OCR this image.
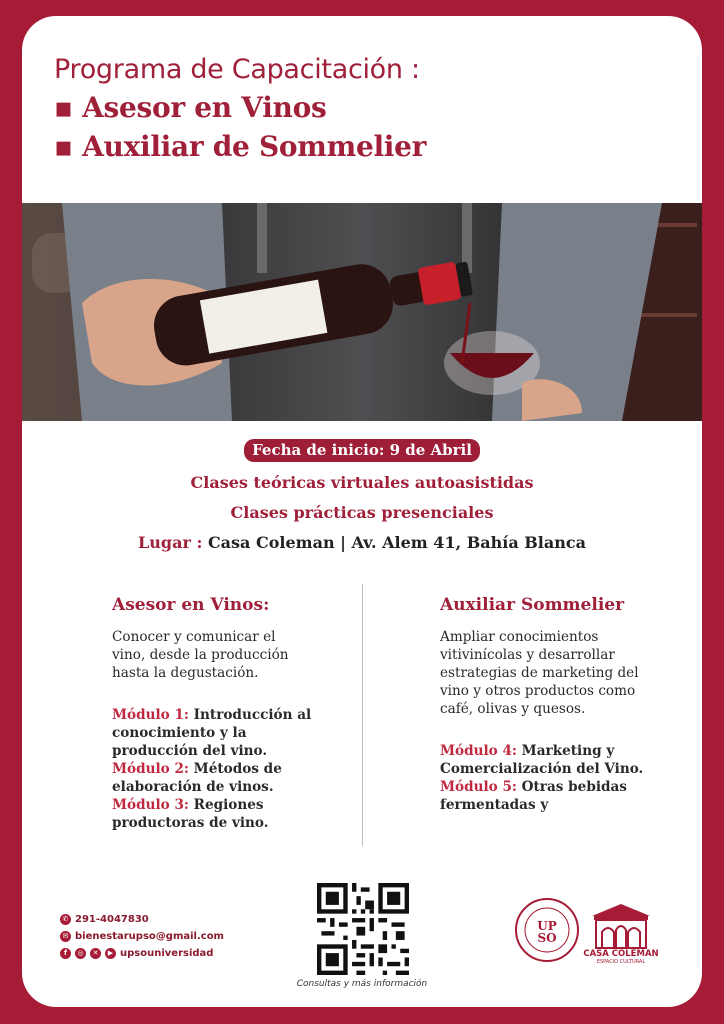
Programa de Capacitación :
▪ Asesor en Vinos
▪ Auxiliar de Sommelier
Fecha de inicio: 9 de Abril
Clases teóricas virtuales autoasistidas
Clases prácticas presenciales
Lugar : Casa Coleman | Av. Alem 41, Bahía Blanca
Asesor en Vinos:

Conocer y comunicar el vino, desde la producción hasta la degustación.

Módulo 1: Introducción al conocimiento y la producción del vino.
Módulo 2: Métodos de elaboración de vinos.
Módulo 3: Regiones productoras de vino.
Auxiliar Sommelier

Ampliar conocimientos vitivinícolas y desarrollar estrategias de marketing del vino y otros productos como café, olivas y quesos.

Módulo 4: Marketing y Comercialización del Vino.
Módulo 5: Otras bebidas fermentadas y
✆ 291-4047830
✉ bienestarupso@gmail.com
f	◎	✕	▶ upsouniversidad
Consultas y más información
UP
SO
CASA COLEMAN
ESPACIO CULTURAL
